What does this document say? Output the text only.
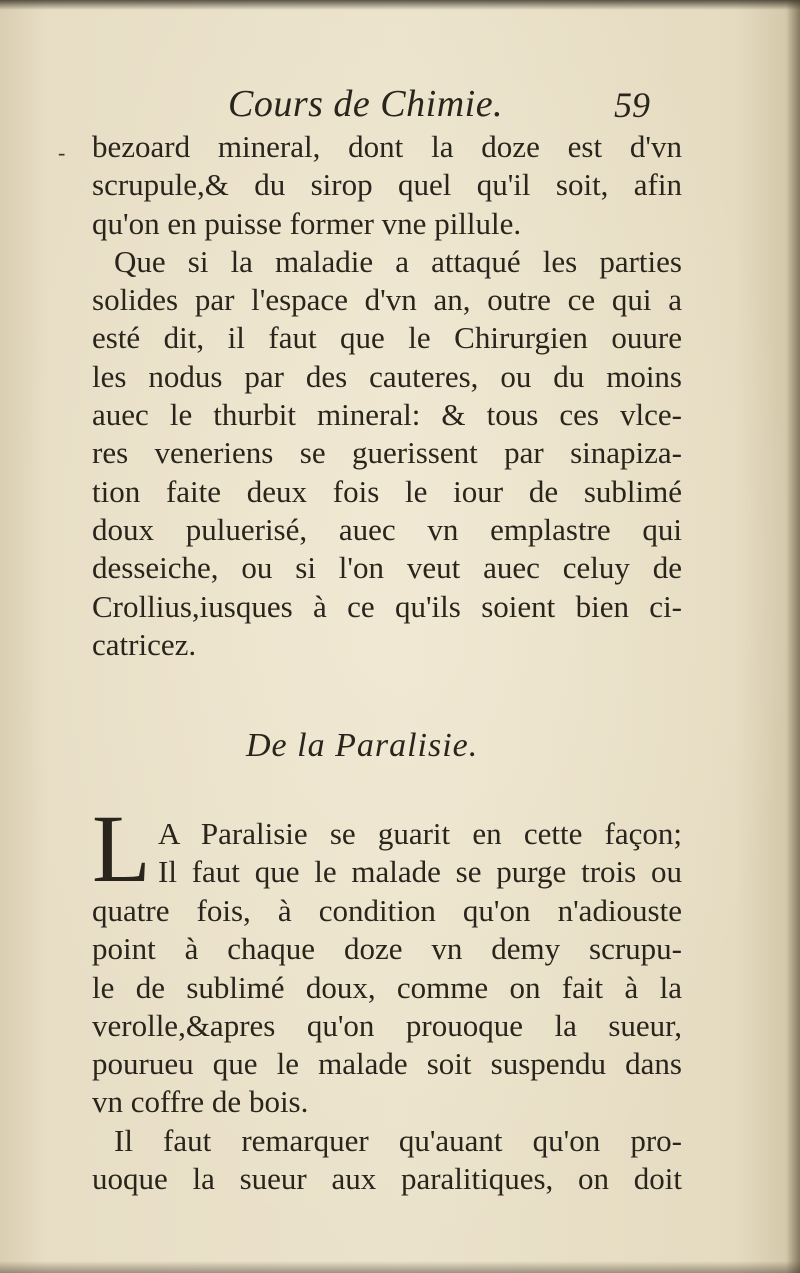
Cours de Chimie.	59
- bezoard mineral, dont la doze est d'vn
scrupule,& du sirop quel qu'il soit, afin
qu'on en puisse former vne pillule.
Que si la maladie a attaqué les parties
solides par l'espace d'vn an, outre ce qui a
esté dit, il faut que le Chirurgien ouure
les nodus par des cauteres, ou du moins
auec le thurbit mineral: & tous ces vlce-
res veneriens se guerissent par sinapiza-
tion faite deux fois le iour de sublimé
doux puluerisé, auec vn emplastre qui
desseiche, ou si l'on veut auec celuy de
Crollius,iusques à ce qu'ils soient bien ci-
catricez.
De la Paralisie.
L A Paralisie se guarit en cette façon;
Il faut que le malade se purge trois ou
quatre fois, à condition qu'on n'adiouste
point à chaque doze vn demy scrupu-
le de sublimé doux, comme on fait à la
verolle,&apres qu'on prouoque la sueur,
pourueu que le malade soit suspendu dans
vn coffre de bois.
Il faut remarquer qu'auant qu'on pro-
uoque la sueur aux paralitiques, on doit
